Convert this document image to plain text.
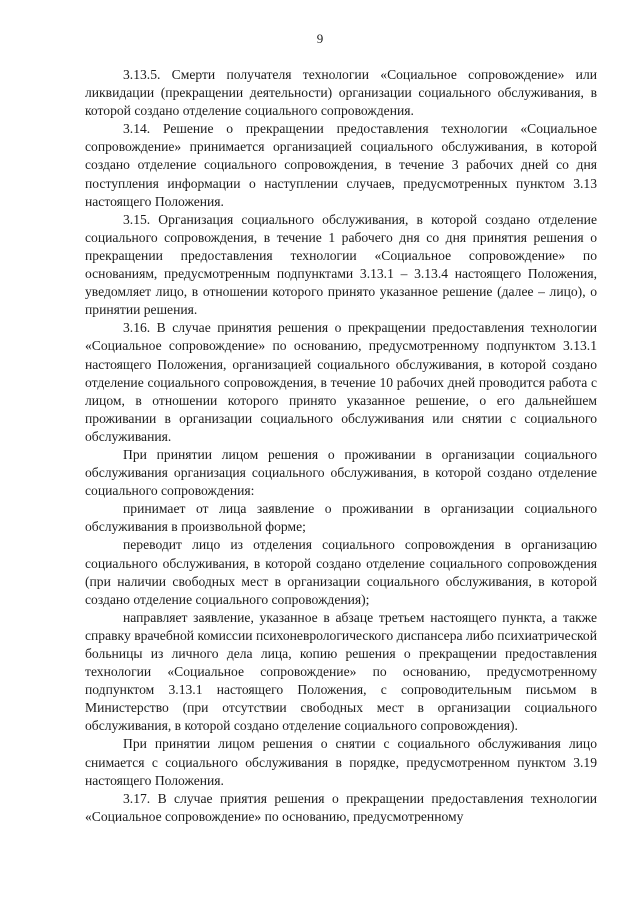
9

3.13.5. Смерти получателя технологии «Социальное сопровождение» или ликвидации (прекращении деятельности) организации социального обслуживания, в которой создано отделение социального сопровождения.

3.14. Решение о прекращении предоставления технологии «Социальное сопровождение» принимается организацией социального обслуживания, в которой создано отделение социального сопровождения, в течение 3 рабочих дней со дня поступления информации о наступлении случаев, предусмотренных пунктом 3.13 настоящего Положения.

3.15. Организация социального обслуживания, в которой создано отделение социального сопровождения, в течение 1 рабочего дня со дня принятия решения о прекращении предоставления технологии «Социальное сопровождение» по основаниям, предусмотренным подпунктами 3.13.1 – 3.13.4 настоящего Положения, уведомляет лицо, в отношении которого принято указанное решение (далее – лицо), о принятии решения.

3.16. В случае принятия решения о прекращении предоставления технологии «Социальное сопровождение» по основанию, предусмотренному подпунктом 3.13.1 настоящего Положения, организацией социального обслуживания, в которой создано отделение социального сопровождения, в течение 10 рабочих дней проводится работа с лицом, в отношении которого принято указанное решение, о его дальнейшем проживании в организации социального обслуживания или снятии с социального обслуживания.

При принятии лицом решения о проживании в организации социального обслуживания организация социального обслуживания, в которой создано отделение социального сопровождения:

принимает от лица заявление о проживании в организации социального обслуживания в произвольной форме;

переводит лицо из отделения социального сопровождения в организацию социального обслуживания, в которой создано отделение социального сопровождения (при наличии свободных мест в организации социального обслуживания, в которой создано отделение социального сопровождения);

направляет заявление, указанное в абзаце третьем настоящего пункта, а также справку врачебной комиссии психоневрологического диспансера либо психиатрической больницы из личного дела лица, копию решения о прекращении предоставления технологии «Социальное сопровождение» по основанию, предусмотренному подпунктом 3.13.1 настоящего Положения, с сопроводительным письмом в Министерство (при отсутствии свободных мест в организации социального обслуживания, в которой создано отделение социального сопровождения).

При принятии лицом решения о снятии с социального обслуживания лицо снимается с социального обслуживания в порядке, предусмотренном пунктом 3.19 настоящего Положения.

3.17. В случае приятия решения о прекращении предоставления технологии «Социальное сопровождение» по основанию, предусмотренному
